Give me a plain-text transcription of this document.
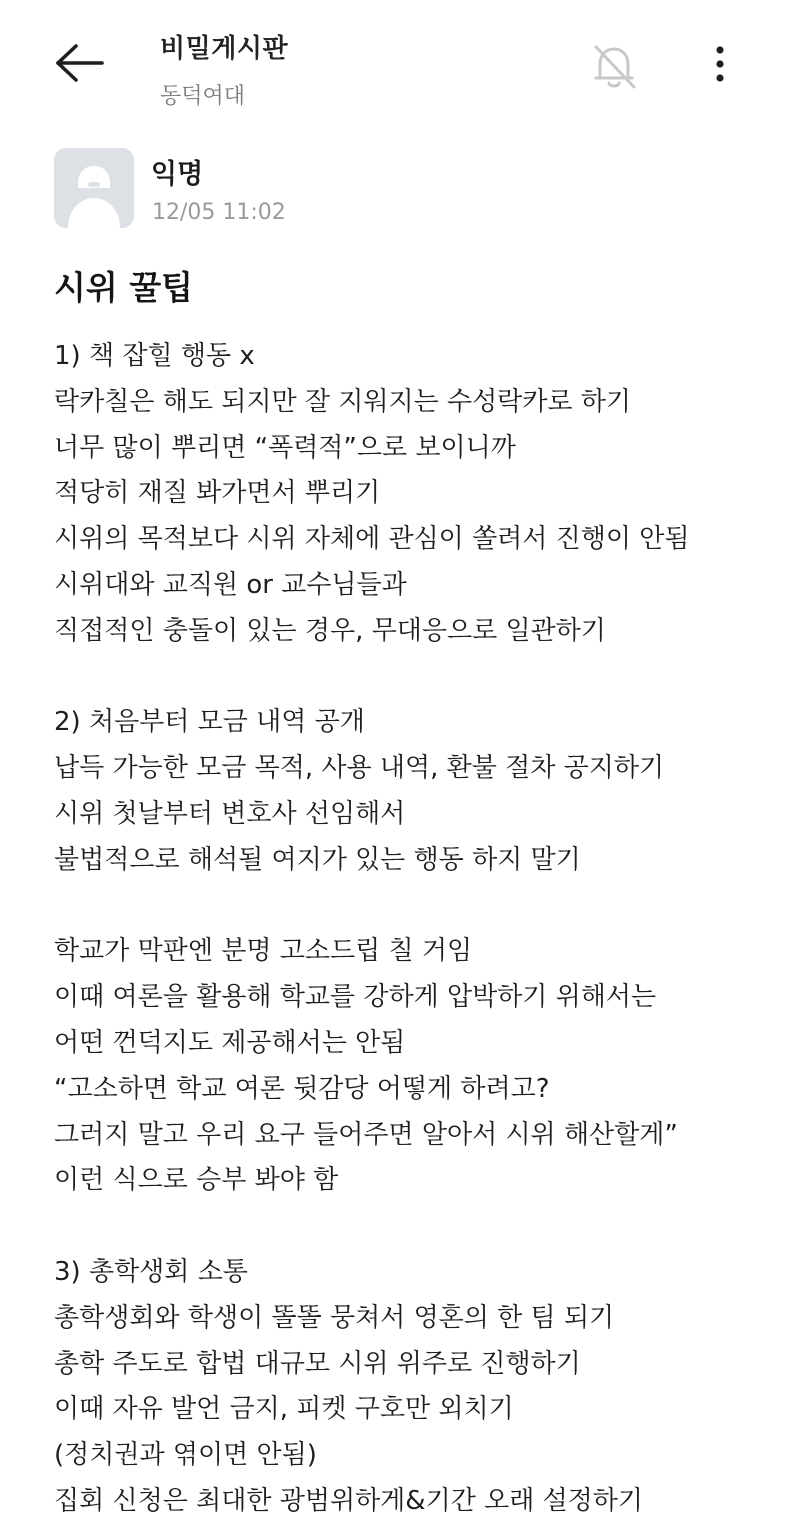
비밀게시판
동덕여대
익명
12/05 11:02
시위 꿀팁
1) 책 잡힐 행동 x
락카칠은 해도 되지만 잘 지워지는 수성락카로 하기
너무 많이 뿌리면 “폭력적”으로 보이니까
적당히 재질 봐가면서 뿌리기
시위의 목적보다 시위 자체에 관심이 쏠려서 진행이 안됨
시위대와 교직원 or 교수님들과
직접적인 충돌이 있는 경우, 무대응으로 일관하기
2) 처음부터 모금 내역 공개
납득 가능한 모금 목적, 사용 내역, 환불 절차 공지하기
시위 첫날부터 변호사 선임해서
불법적으로 해석될 여지가 있는 행동 하지 말기
학교가 막판엔 분명 고소드립 칠 거임
이때 여론을 활용해 학교를 강하게 압박하기 위해서는
어떤 껀덕지도 제공해서는 안됨
“고소하면 학교 여론 뒷감당 어떻게 하려고?
그러지 말고 우리 요구 들어주면 알아서 시위 해산할게”
이런 식으로 승부 봐야 함
3) 총학생회 소통
총학생회와 학생이 똘똘 뭉쳐서 영혼의 한 팀 되기
총학 주도로 합법 대규모 시위 위주로 진행하기
이때 자유 발언 금지, 피켓 구호만 외치기
(정치권과 엮이면 안됨)
집회 신청은 최대한 광범위하게&기간 오래 설정하기
